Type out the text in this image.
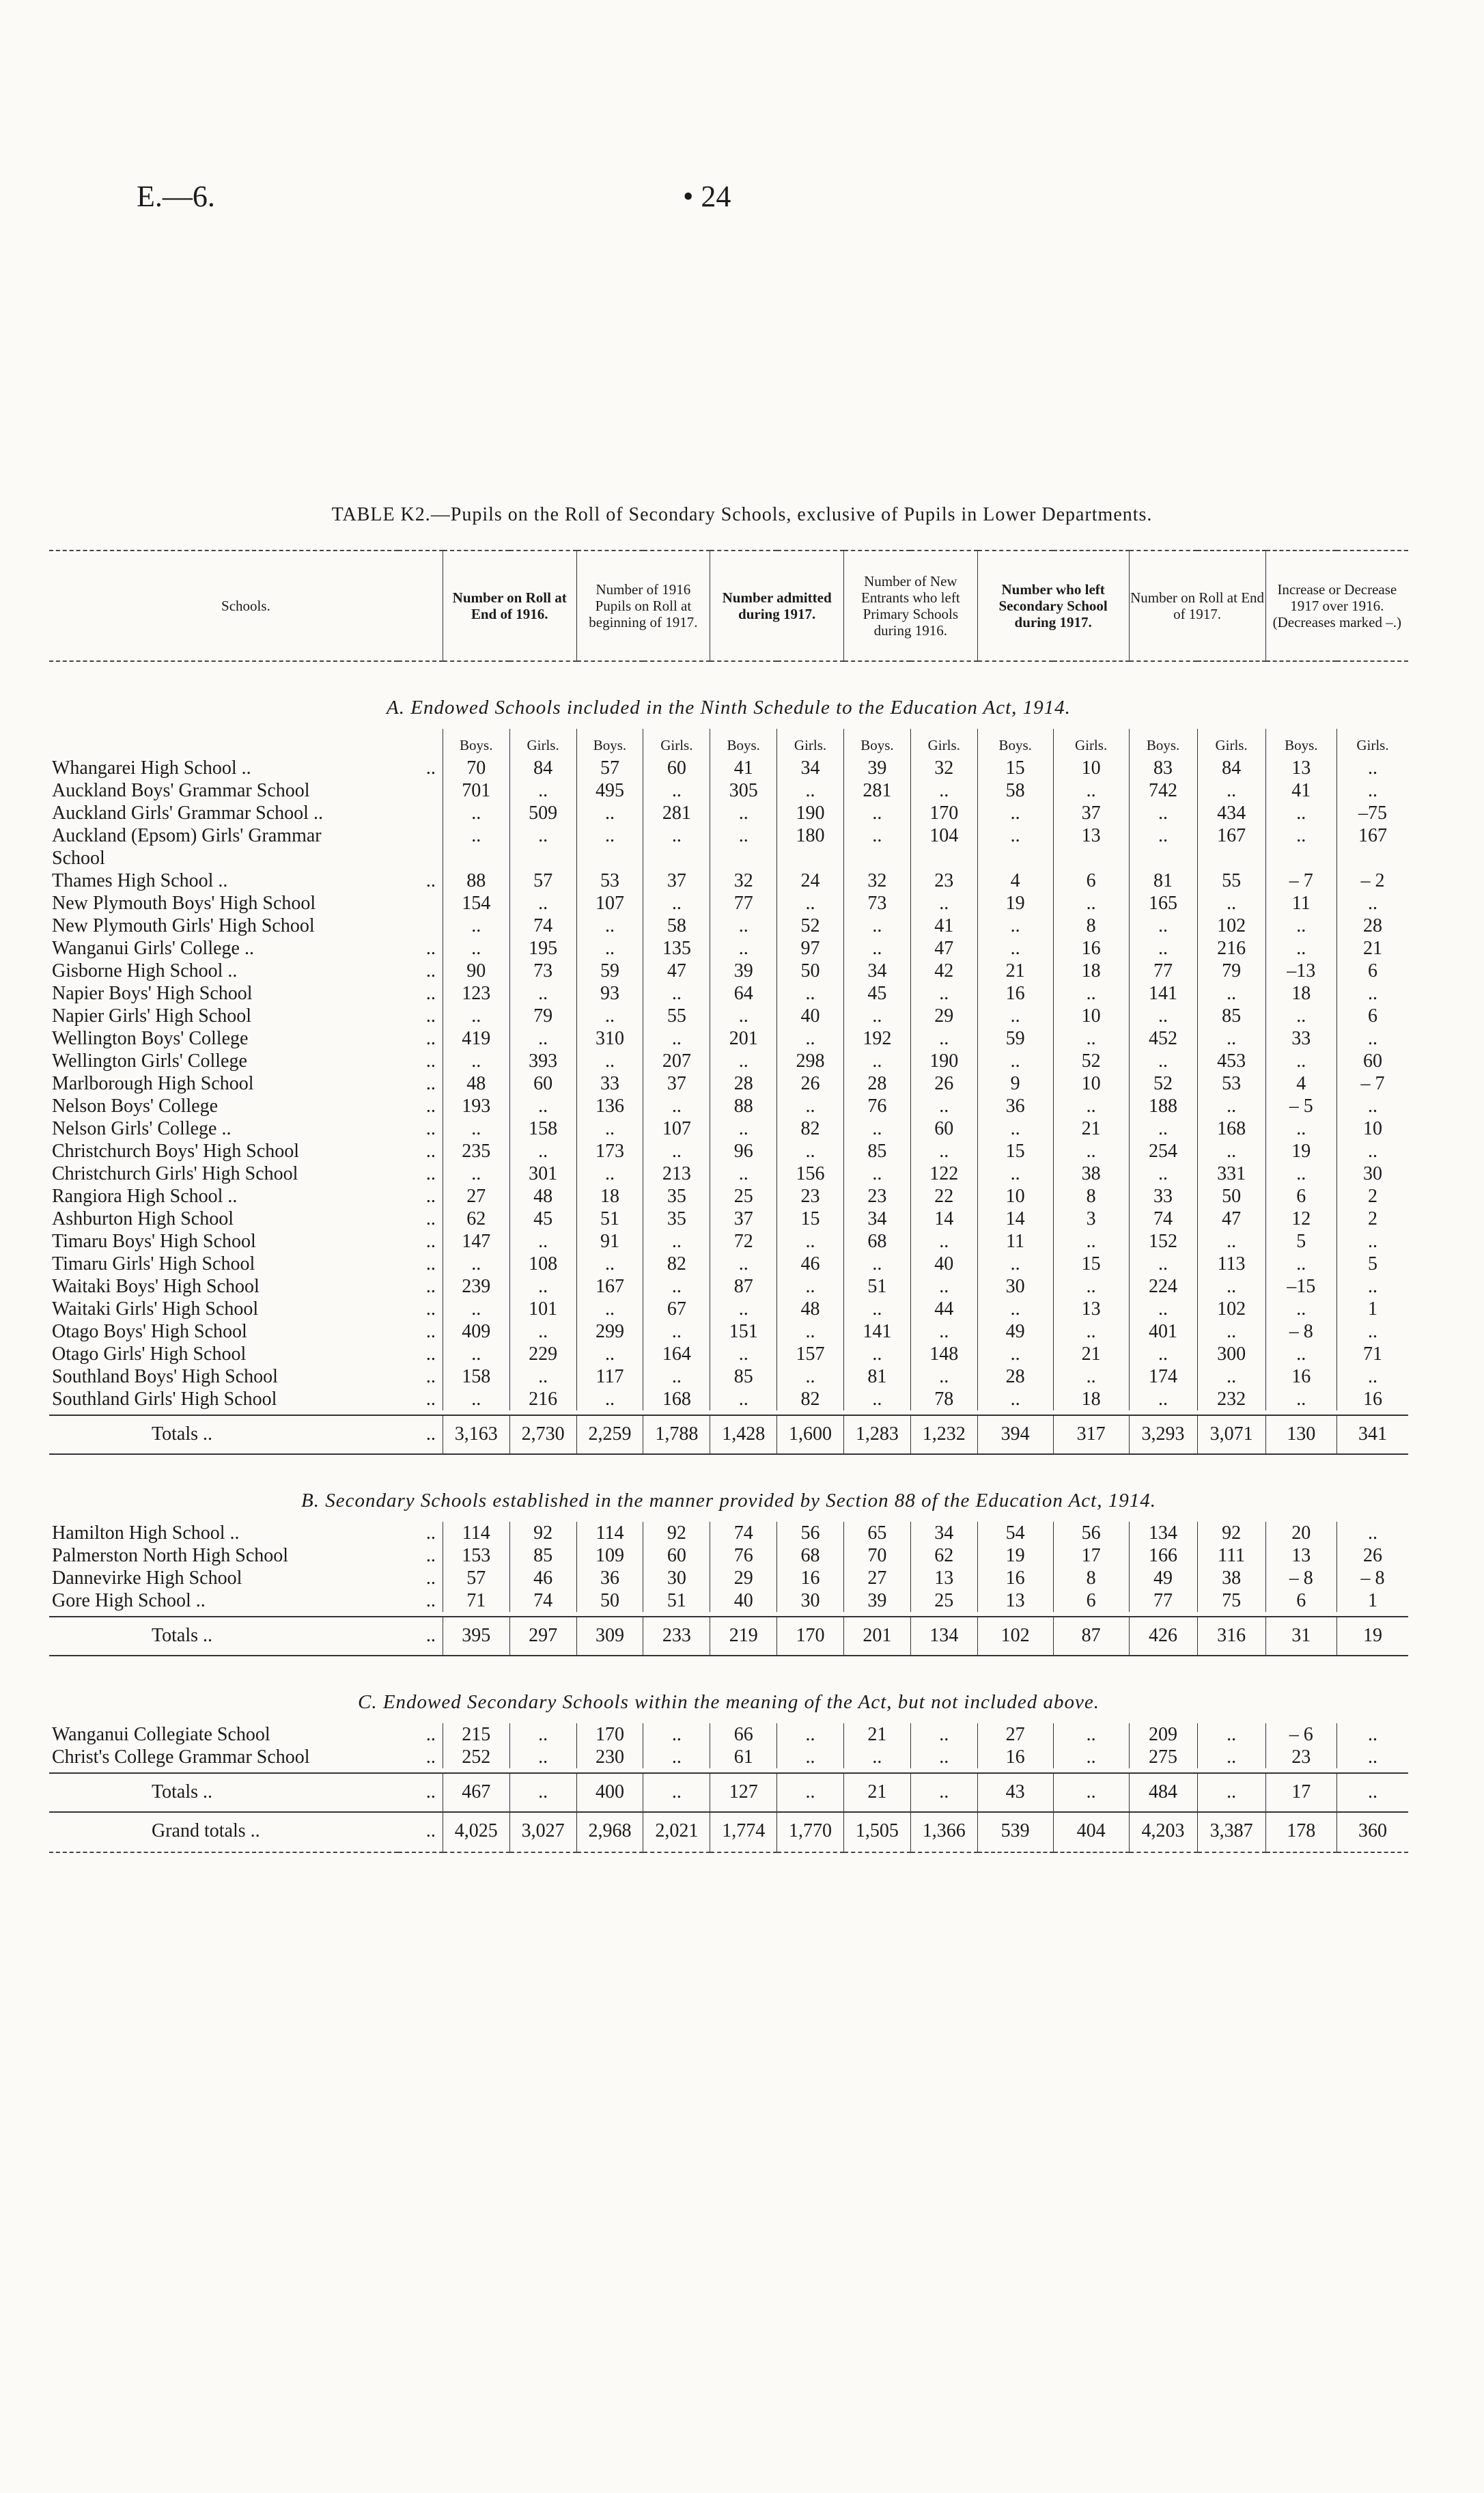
E.—6.	• 24
TABLE K2.—Pupils on the Roll of Secondary Schools, exclusive of Pupils in Lower Departments.
Schools.		Number on Roll at End of 1916.		Number of 1916 Pupils on Roll at beginning of 1917.		Number admitted during 1917.		Number of New Entrants who left Primary Schools during 1916.		Number who left Secondary School during 1917.		Number on Roll at End of 1917.		Increase or Decrease 1917 over 1916. (Decreases marked –.)	
A. Endowed Schools included in the Ninth Schedule to the Education Act, 1914.															
		Boys.	Girls.	Boys.	Girls.	Boys.	Girls.	Boys.	Girls.	Boys.	Girls.	Boys.	Girls.	Boys.	Girls.
Whangarei High School ..	..	70	84	57	60	41	34	39	32	15	10	83	84	13	..
Auckland Boys' Grammar School		701	..	495	..	305	..	281	..	58	..	742	..	41	..
Auckland Girls' Grammar School ..		..	509	..	281	..	190	..	170	..	37	..	434	..	–75
Auckland (Epsom) Girls' Grammar		..	..	..	..	..	180	..	104	..	13	..	167	..	167
School															
Thames High School ..	..	88	57	53	37	32	24	32	23	4	6	81	55	– 7	– 2
New Plymouth Boys' High School		154	..	107	..	77	..	73	..	19	..	165	..	11	..
New Plymouth Girls' High School		..	74	..	58	..	52	..	41	..	8	..	102	..	28
Wanganui Girls' College ..	..	..	195	..	135	..	97	..	47	..	16	..	216	..	21
Gisborne High School ..	..	90	73	59	47	39	50	34	42	21	18	77	79	–13	6
Napier Boys' High School	..	123	..	93	..	64	..	45	..	16	..	141	..	18	..
Napier Girls' High School	..	..	79	..	55	..	40	..	29	..	10	..	85	..	6
Wellington Boys' College	..	419	..	310	..	201	..	192	..	59	..	452	..	33	..
Wellington Girls' College	..	..	393	..	207	..	298	..	190	..	52	..	453	..	60
Marlborough High School	..	48	60	33	37	28	26	28	26	9	10	52	53	4	– 7
Nelson Boys' College	..	193	..	136	..	88	..	76	..	36	..	188	..	– 5	..
Nelson Girls' College ..	..	..	158	..	107	..	82	..	60	..	21	..	168	..	10
Christchurch Boys' High School	..	235	..	173	..	96	..	85	..	15	..	254	..	19	..
Christchurch Girls' High School	..	..	301	..	213	..	156	..	122	..	38	..	331	..	30
Rangiora High School ..	..	27	48	18	35	25	23	23	22	10	8	33	50	6	2
Ashburton High School	..	62	45	51	35	37	15	34	14	14	3	74	47	12	2
Timaru Boys' High School	..	147	..	91	..	72	..	68	..	11	..	152	..	5	..
Timaru Girls' High School	..	..	108	..	82	..	46	..	40	..	15	..	113	..	5
Waitaki Boys' High School	..	239	..	167	..	87	..	51	..	30	..	224	..	–15	..
Waitaki Girls' High School	..	..	101	..	67	..	48	..	44	..	13	..	102	..	1
Otago Boys' High School	..	409	..	299	..	151	..	141	..	49	..	401	..	– 8	..
Otago Girls' High School	..	..	229	..	164	..	157	..	148	..	21	..	300	..	71
Southland Boys' High School	..	158	..	117	..	85	..	81	..	28	..	174	..	16	..
Southland Girls' High School	..	..	216	..	168	..	82	..	78	..	18	..	232	..	16

Totals ..	..	3,163	2,730	2,259	1,788	1,428	1,600	1,283	1,232	394	317	3,293	3,071	130	341
B. Secondary Schools established in the manner provided by Section 88 of the Education Act, 1914.															
Hamilton High School ..	..	114	92	114	92	74	56	65	34	54	56	134	92	20	..
Palmerston North High School	..	153	85	109	60	76	68	70	62	19	17	166	111	13	26
Dannevirke High School	..	57	46	36	30	29	16	27	13	16	8	49	38	– 8	– 8
Gore High School ..	..	71	74	50	51	40	30	39	25	13	6	77	75	6	1

Totals ..	..	395	297	309	233	219	170	201	134	102	87	426	316	31	19
C. Endowed Secondary Schools within the meaning of the Act, but not included above.															
Wanganui Collegiate School	..	215	..	170	..	66	..	21	..	27	..	209	..	– 6	..
Christ's College Grammar School	..	252	..	230	..	61	..	..	..	16	..	275	..	23	..

Totals ..	..	467	..	400	..	127	..	21	..	43	..	484	..	17	..
Grand totals ..	..	4,025	3,027	2,968	2,021	1,774	1,770	1,505	1,366	539	404	4,203	3,387	178	360
